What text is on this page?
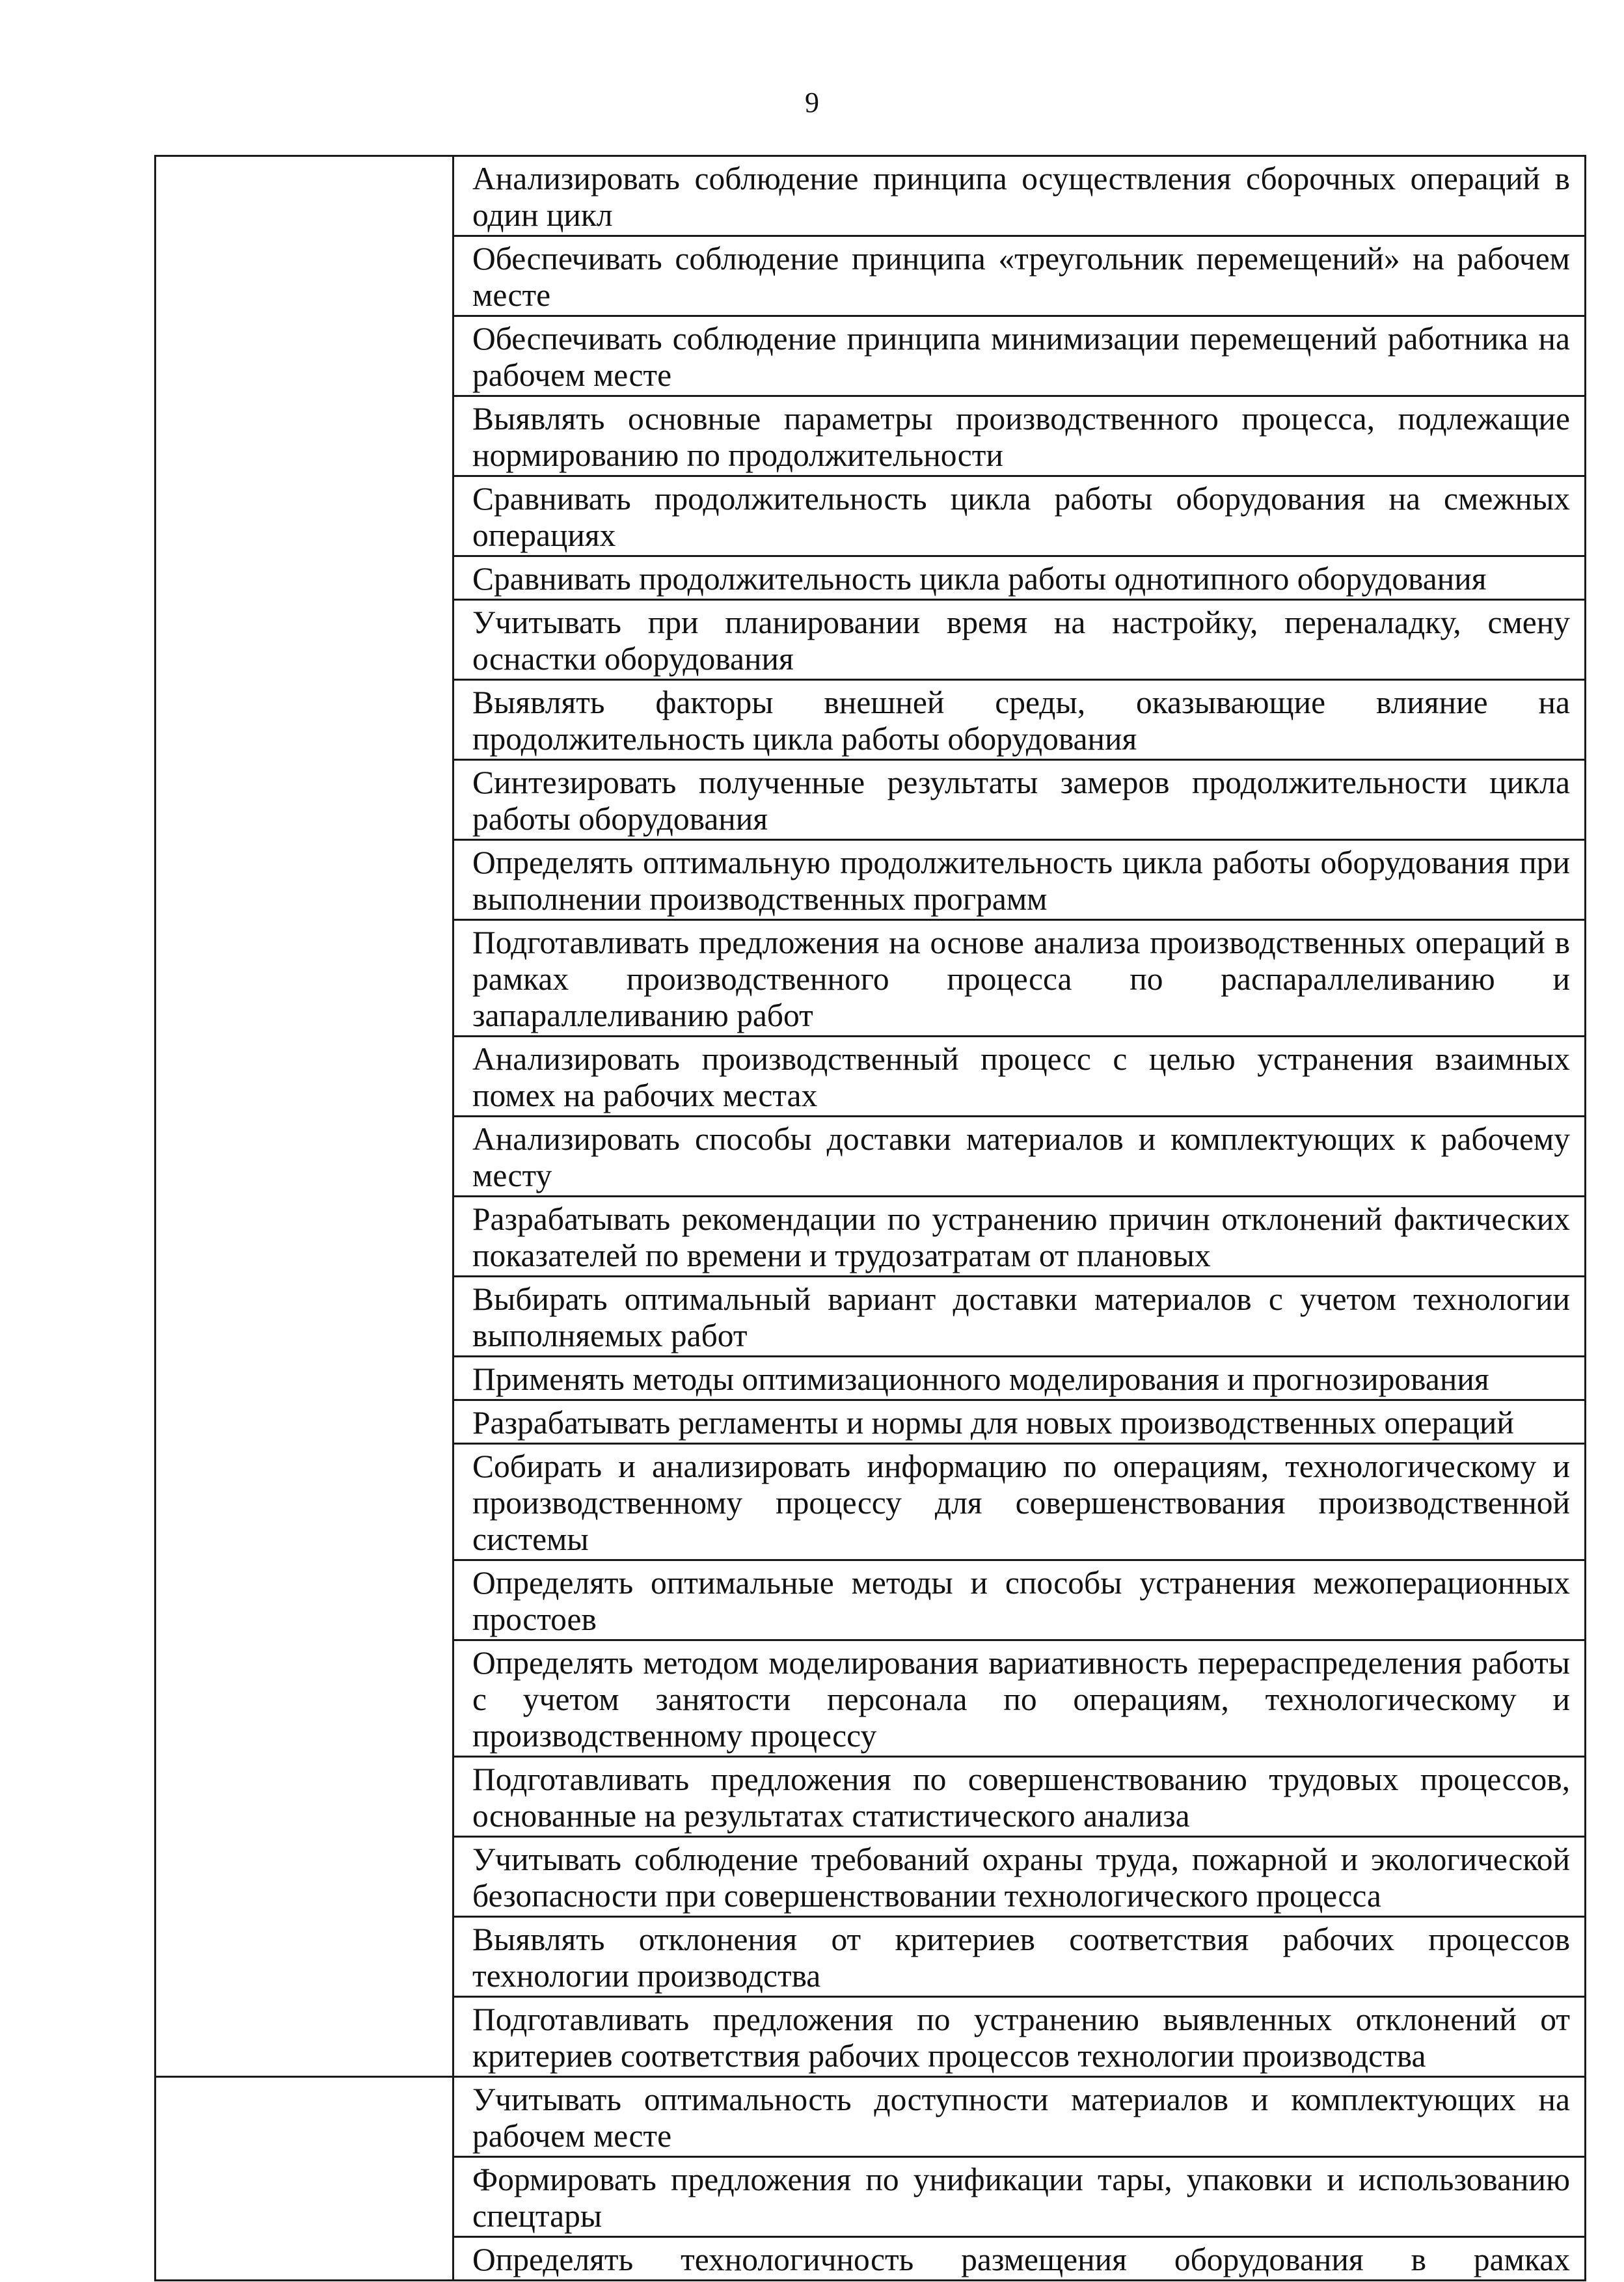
9
	Анализировать соблюдение принципа осуществления сборочных операций в один цикл
	Обеспечивать соблюдение принципа «треугольник перемещений» на рабочем месте
	Обеспечивать соблюдение принципа минимизации перемещений работника на рабочем месте
	Выявлять основные параметры производственного процесса, подлежащие нормированию по продолжительности
	Сравнивать продолжительность цикла работы оборудования на смежных операциях
	Сравнивать продолжительность цикла работы однотипного оборудования
	Учитывать при планировании время на настройку, переналадку, смену оснастки оборудования
	Выявлять факторы внешней среды, оказывающие влияние на продолжительность цикла работы оборудования
	Синтезировать полученные результаты замеров продолжительности цикла работы оборудования
	Определять оптимальную продолжительность цикла работы оборудования при выполнении производственных программ
	Подготавливать предложения на основе анализа производственных операций в рамках производственного процесса по распараллеливанию и запараллеливанию работ
	Анализировать производственный процесс с целью устранения взаимных помех на рабочих местах
	Анализировать способы доставки материалов и комплектующих к рабочему месту
	Разрабатывать рекомендации по устранению причин отклонений фактических показателей по времени и трудозатратам от плановых
	Выбирать оптимальный вариант доставки материалов с учетом технологии выполняемых работ
	Применять методы оптимизационного моделирования и прогнозирования
	Разрабатывать регламенты и нормы для новых производственных операций
	Собирать и анализировать информацию по операциям, технологическому и производственному процессу для совершенствования производственной системы
	Определять оптимальные методы и способы устранения межоперационных простоев
	Определять методом моделирования вариативность перераспределения работы с учетом занятости персонала по операциям, технологическому и производственному процессу
	Подготавливать предложения по совершенствованию трудовых процессов, основанные на результатах статистического анализа
	Учитывать соблюдение требований охраны труда, пожарной и экологической безопасности при совершенствовании технологического процесса
	Выявлять отклонения от критериев соответствия рабочих процессов технологии производства
	Подготавливать предложения по устранению выявленных отклонений от критериев соответствия рабочих процессов технологии производства
	Учитывать оптимальность доступности материалов и комплектующих на рабочем месте
	Формировать предложения по унификации тары, упаковки и использованию спецтары
	Определять технологичность размещения оборудования в рамках
